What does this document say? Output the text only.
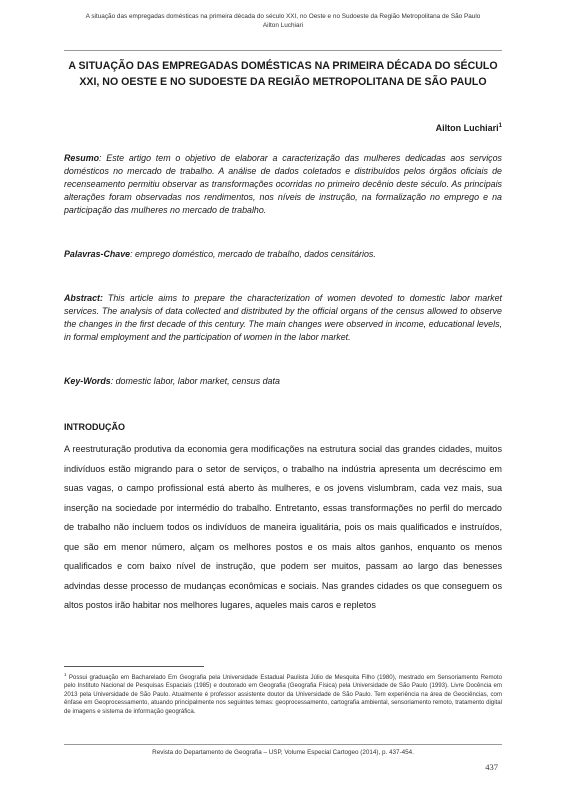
A situação das empregadas domésticas na primeira década do século XXI, no Oeste e no Sudoeste da Região Metropolitana de São Paulo
Ailton Luchiari
A SITUAÇÃO DAS EMPREGADAS DOMÉSTICAS NA PRIMEIRA DÉCADA DO SÉCULO XXI, NO OESTE E NO SUDOESTE DA REGIÃO METROPOLITANA DE SÃO PAULO
Ailton Luchiari$^1$
Resumo: Este artigo tem o objetivo de elaborar a caracterização das mulheres dedicadas aos serviços domésticos no mercado de trabalho. A análise de dados coletados e distribuídos pelos órgãos oficiais de recenseamento permitiu observar as transformações ocorridas no primeiro decênio deste século. As principais alterações foram observadas nos rendimentos, nos níveis de instrução, na formalização no emprego e na participação das mulheres no mercado de trabalho.
Palavras-Chave: emprego doméstico, mercado de trabalho, dados censitários.
Abstract: This article aims to prepare the characterization of women devoted to domestic labor market services. The analysis of data collected and distributed by the official organs of the census allowed to observe the changes in the first decade of this century. The main changes were observed in income, educational levels, in formal employment and the participation of women in the labor market.
Key-Words: domestic labor, labor market, census data
INTRODUÇÃO
A reestruturação produtiva da economia gera modificações na estrutura social das grandes cidades, muitos indivíduos estão migrando para o setor de serviços, o trabalho na indústria apresenta um decréscimo em suas vagas, o campo profissional está aberto às mulheres, e os jovens vislumbram, cada vez mais, sua inserção na sociedade por intermédio do trabalho. Entretanto, essas transformações no perfil do mercado de trabalho não incluem todos os indivíduos de maneira igualitária, pois os mais qualificados e instruídos, que são em menor número, alçam os melhores postos e os mais altos ganhos, enquanto os menos qualificados e com baixo nível de instrução, que podem ser muitos, passam ao largo das benesses advindas desse processo de mudanças econômicas e sociais. Nas grandes cidades os que conseguem os altos postos irão habitar nos melhores lugares, aqueles mais caros e repletos
$^1$ Possui graduação em Bacharelado Em Geografia pela Universidade Estadual Paulista Júlio de Mesquita Filho (1980), mestrado em Sensoriamento Remoto pelo Instituto Nacional de Pesquisas Espaciais (1985) e doutorado em Geografia (Geografia Física) pela Universidade de São Paulo (1993). Livre Docência em 2013 pela Universidade de São Paulo. Atualmente é professor assistente doutor da Universidade de São Paulo. Tem experiência na área de Geociências, com ênfase em Geoprocessamento, atuando principalmente nos seguintes temas: geoprocessamento, cartografia ambiental, sensoriamento remoto, tratamento digital de imagens e sistema de informação geográfica.
Revista do Departamento de Geografia – USP, Volume Especial Cartogeo (2014), p. 437-454.
437
